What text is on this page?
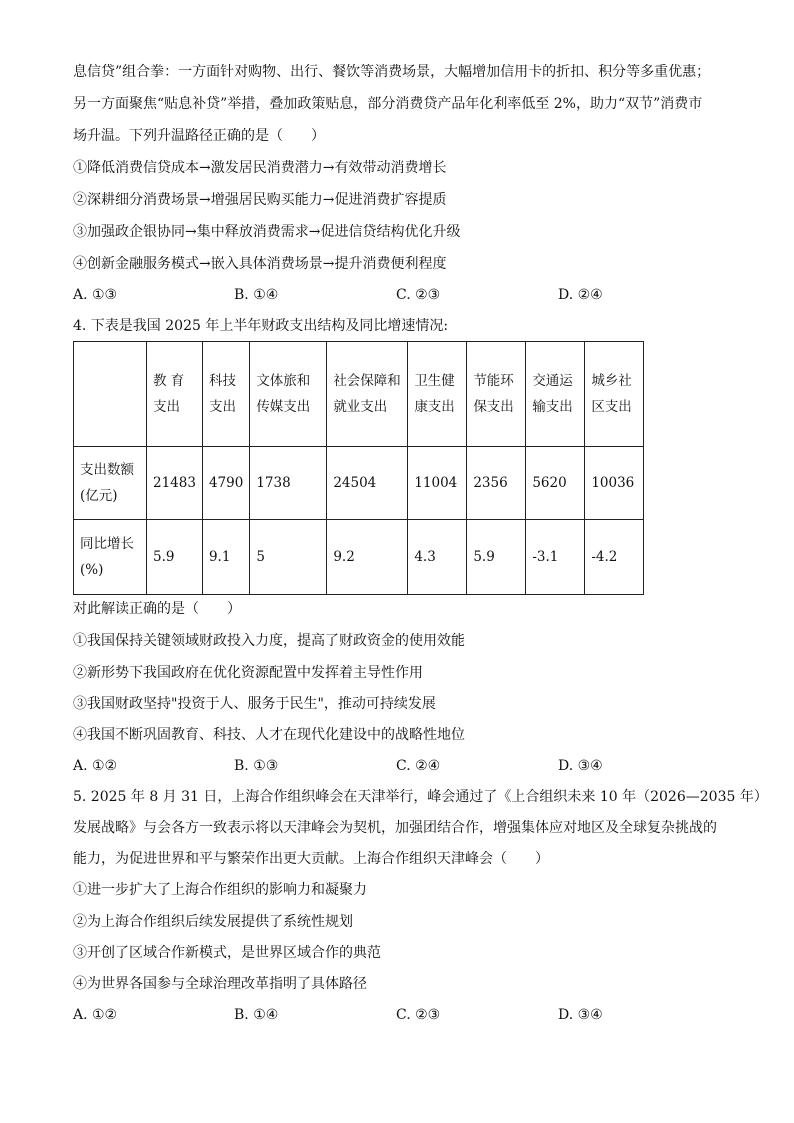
息信贷”组合拳：一方面针对购物、出行、餐饮等消费场景，大幅增加信用卡的折扣、积分等多重优惠；
另一方面聚焦“贴息补贷”举措，叠加政策贴息，部分消费贷产品年化利率低至 2%，助力“双节”消费市
场升温。下列升温路径正确的是（　　）
①降低消费信贷成本→激发居民消费潜力→有效带动消费增长
②深耕细分消费场景→增强居民购买能力→促进消费扩容提质
③加强政企银协同→集中释放消费需求→促进信贷结构优化升级
④创新金融服务模式→嵌入具体消费场景→提升消费便利程度
A. ①③	B. ①④	C. ②③	D. ②④
4. 下表是我国 2025 年上半年财政支出结构及同比增速情况:
	教 育 支出	科技支出	文体旅和传媒支出	社会保障和就业支出	卫生健康支出	节能环保支出	交通运输支出	城乡社区支出
支出数额(亿元)	21483	4790	1738	24504	11004	2356	5620	10036
同比增长(%)	5.9	9.1	5	9.2	4.3	5.9	-3.1	-4.2
对此解读正确的是（　　）
①我国保持关键领域财政投入力度，提高了财政资金的使用效能
②新形势下我国政府在优化资源配置中发挥着主导性作用
③我国财政坚持"投资于人、服务于民生"，推动可持续发展
④我国不断巩固教育、科技、人才在现代化建设中的战略性地位
A. ①②	B. ①③	C. ②④	D. ③④
5. 2025 年 8 月 31 日，上海合作组织峰会在天津举行，峰会通过了《上合组织未来 10 年（2026—2035 年）
发展战略》与会各方一致表示将以天津峰会为契机，加强团结合作，增强集体应对地区及全球复杂挑战的
能力，为促进世界和平与繁荣作出更大贡献。上海合作组织天津峰会（　　）
①进一步扩大了上海合作组织的影响力和凝聚力
②为上海合作组织后续发展提供了系统性规划
③开创了区域合作新模式，是世界区域合作的典范
④为世界各国参与全球治理改革指明了具体路径
A. ①②	B. ①④	C. ②③	D. ③④
